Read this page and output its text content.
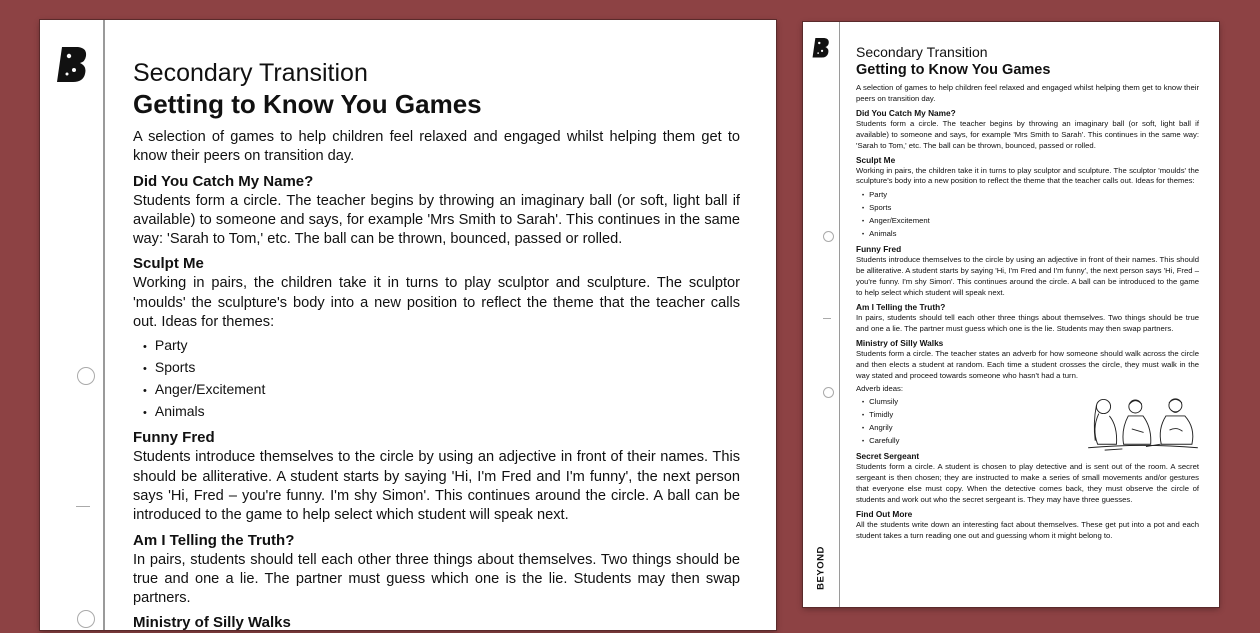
Secondary Transition
Getting to Know You Games

A selection of games to help children feel relaxed and engaged whilst helping them get to know their peers on transition day.

Did You Catch My Name?

Students form a circle. The teacher begins by throwing an imaginary ball (or soft, light ball if available) to someone and says, for example 'Mrs Smith to Sarah'. This continues in the same way: 'Sarah to Tom,' etc. The ball can be thrown, bounced, passed or rolled.

Sculpt Me

Working in pairs, the children take it in turns to play sculptor and sculpture. The sculptor 'moulds' the sculpture's body into a new position to reflect the theme that the teacher calls out. Ideas for themes:

• Party
• Sports
• Anger/Excitement
• Animals
Funny Fred

Students introduce themselves to the circle by using an adjective in front of their names. This should be alliterative. A student starts by saying 'Hi, I'm Fred and I'm funny', the next person says 'Hi, Fred – you're funny. I'm shy Simon'. This continues around the circle. A ball can be introduced to the game to help select which student will speak next.

Am I Telling the Truth?

In pairs, students should tell each other three things about themselves. Two things should be true and one a lie. The partner must guess which one is the lie. Students may then swap partners.

Ministry of Silly Walks
BEYOND
Secondary Transition
Getting to Know You Games

A selection of games to help children feel relaxed and engaged whilst helping them get to know their peers on transition day.

Did You Catch My Name?

Students form a circle. The teacher begins by throwing an imaginary ball (or soft, light ball if available) to someone and says, for example 'Mrs Smith to Sarah'. This continues in the same way: 'Sarah to Tom,' etc. The ball can be thrown, bounced, passed or rolled.

Sculpt Me

Working in pairs, the children take it in turns to play sculptor and sculpture. The sculptor 'moulds' the sculpture's body into a new position to reflect the theme that the teacher calls out. Ideas for themes:

• Party
• Sports
• Anger/Excitement
• Animals
Funny Fred

Students introduce themselves to the circle by using an adjective in front of their names. This should be alliterative. A student starts by saying 'Hi, I'm Fred and I'm funny', the next person says 'Hi, Fred – you're funny. I'm shy Simon'. This continues around the circle. A ball can be introduced to the game to help select which student will speak next.

Am I Telling the Truth?

In pairs, students should tell each other three things about themselves. Two things should be true and one a lie. The partner must guess which one is the lie. Students may then swap partners.

Ministry of Silly Walks

Students form a circle. The teacher states an adverb for how someone should walk across the circle and then elects a student at random. Each time a student crosses the circle, they must walk in the way stated and proceed towards someone who hasn't had a turn.

Adverb ideas:

• Clumsily
• Timidly
• Angrily
• Carefully
Secret Sergeant

Students form a circle. A student is chosen to play detective and is sent out of the room. A secret sergeant is then chosen; they are instructed to make a series of small movements and/or gestures that everyone else must copy. When the detective comes back, they must observe the circle of students and work out who the secret sergeant is. They may have three guesses.

Find Out More

All the students write down an interesting fact about themselves. These get put into a pot and each student takes a turn reading one out and guessing whom it might belong to.
